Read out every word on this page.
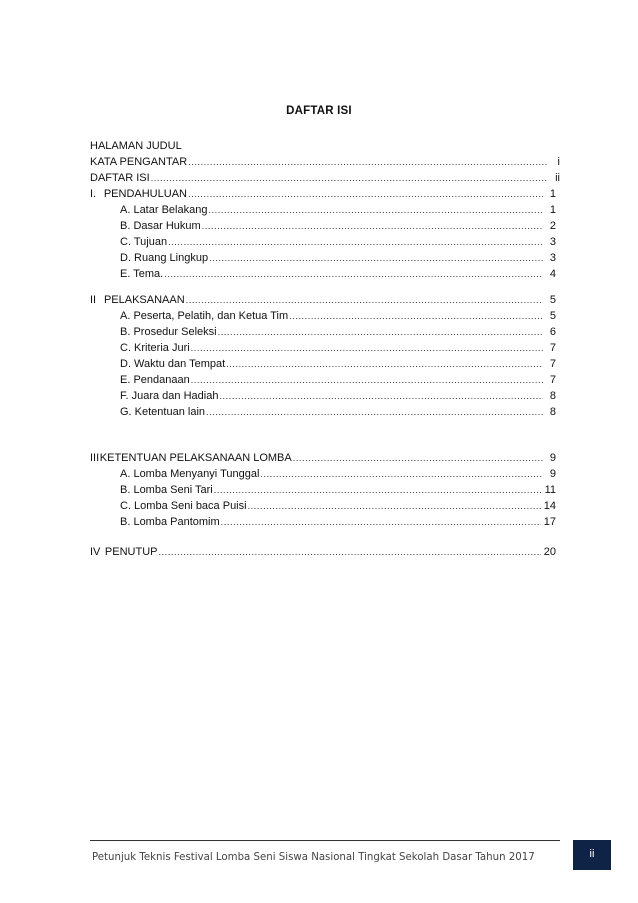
DAFTAR ISI
HALAMAN JUDUL
KATA PENGANTAR .....	i
DAFTAR ISI .....	ii
I. PENDAHULUAN .....	1
A. Latar Belakang .....	1
B. Dasar Hukum .....	2
C. Tujuan .....	3
D. Ruang Lingkup .....	3
E. Tema. .....	4
II PELAKSANAAN .....	5
A. Peserta, Pelatih, dan Ketua Tim .....	5
B. Prosedur Seleksi .....	6
C. Kriteria Juri .....	7
D. Waktu dan Tempat .....	7
E. Pendanaan .....	7
F. Juara dan Hadiah .....	8
G. Ketentuan lain .....	8
III KETENTUAN PELAKSANAAN LOMBA .....	9
A. Lomba Menyanyi Tunggal .....	9
B. Lomba Seni Tari .....	11
C. Lomba Seni baca Puisi .....	14
B. Lomba Pantomim .....	17
IV PENUTUP .....	20
Petunjuk Teknis Festival Lomba Seni Siswa Nasional Tingkat Sekolah Dasar Tahun 2017	ii
